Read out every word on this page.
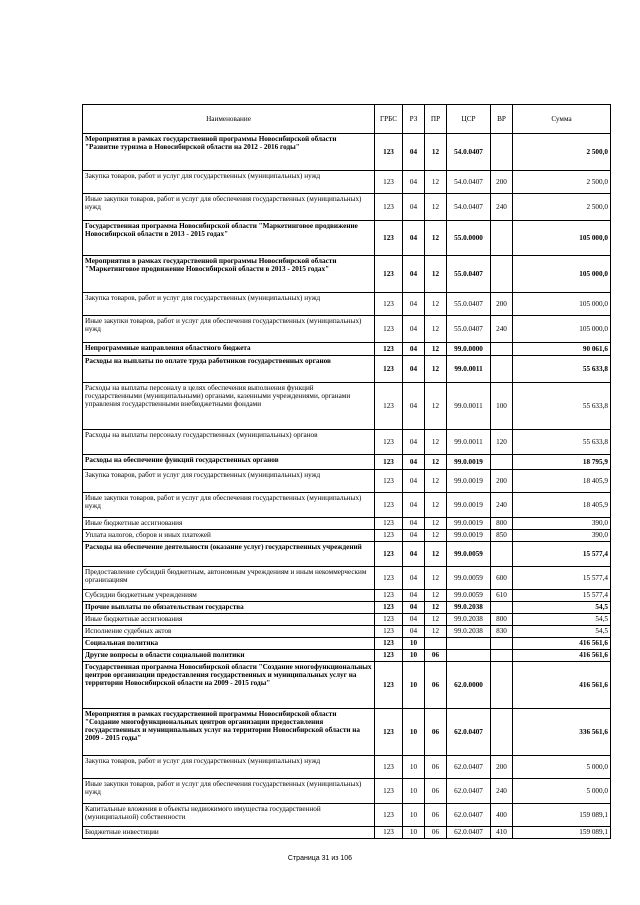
Наименование	ГРБС	РЗ	ПР	ЦСР	ВР	Сумма
Мероприятия в рамках государственной программы Новосибирской области "Развитие туризма в Новосибирской области на 2012 - 2016 годы"	123	04	12	54.0.0407		2 500,0
Закупка товаров, работ и услуг для государственных (муниципальных) нужд	123	04	12	54.0.0407	200	2 500,0
Иные закупки товаров, работ и услуг для обеспечения государственных (муниципальных) нужд	123	04	12	54.0.0407	240	2 500,0
Государственная программа Новосибирской области "Маркетинговое продвижение Новосибирской области в 2013 - 2015 годах"	123	04	12	55.0.0000		105 000,0
Мероприятия в рамках государственной программы Новосибирской области "Маркетинговое продвижение Новосибирской области в 2013 - 2015 годах"	123	04	12	55.0.0407		105 000,0
Закупка товаров, работ и услуг для государственных (муниципальных) нужд	123	04	12	55.0.0407	200	105 000,0
Иные закупки товаров, работ и услуг для обеспечения государственных (муниципальных) нужд	123	04	12	55.0.0407	240	105 000,0
Непрограммные направления областного бюджета	123	04	12	99.0.0000		90 061,6
Расходы на выплаты по оплате труда работников государственных органов	123	04	12	99.0.0011		55 633,8
Расходы на выплаты персоналу в целях обеспечения выполнения функций государственными (муниципальными) органами, казенными учреждениями, органами управления государственными внебюджетными фондами	123	04	12	99.0.0011	100	55 633,8
Расходы на выплаты персоналу государственных (муниципальных) органов	123	04	12	99.0.0011	120	55 633,8
Расходы на обеспечение функций государственных органов	123	04	12	99.0.0019		18 795,9
Закупка товаров, работ и услуг для государственных (муниципальных) нужд	123	04	12	99.0.0019	200	18 405,9
Иные закупки товаров, работ и услуг для обеспечения государственных (муниципальных) нужд	123	04	12	99.0.0019	240	18 405,9
Иные бюджетные ассигнования	123	04	12	99.0.0019	800	390,0
Уплата налогов, сборов и иных платежей	123	04	12	99.0.0019	850	390,0
Расходы на обеспечение деятельности (оказание услуг) государственных учреждений	123	04	12	99.0.0059		15 577,4
Предоставление субсидий бюджетным, автономным учреждениям и иным некоммерческим организациям	123	04	12	99.0.0059	600	15 577,4
Субсидии бюджетным учреждениям	123	04	12	99.0.0059	610	15 577,4
Прочие выплаты по обязательствам государства	123	04	12	99.0.2038		54,5
Иные бюджетные ассигнования	123	04	12	99.0.2038	800	54,5
Исполнение судебных актов	123	04	12	99.0.2038	830	54,5
Социальная политика	123	10				416 561,6
Другие вопросы в области социальной политики	123	10	06			416 561,6
Государственная программа Новосибирской области "Создание многофункциональных центров организации предоставления государственных и муниципальных услуг на территории Новосибирской области на 2009 - 2015 годы"	123	10	06	62.0.0000		416 561,6
Мероприятия в рамках государственной программы Новосибирской области "Создание многофункциональных центров организации предоставления государственных и муниципальных услуг на территории Новосибирской области на 2009 - 2015 годы"	123	10	06	62.0.0407		336 561,6
Закупка товаров, работ и услуг для государственных (муниципальных) нужд	123	10	06	62.0.0407	200	5 000,0
Иные закупки товаров, работ и услуг для обеспечения государственных (муниципальных) нужд	123	10	06	62.0.0407	240	5 000,0
Капитальные вложения в объекты недвижимого имущества государственной (муниципальной) собственности	123	10	06	62.0.0407	400	159 089,1
Бюджетные инвестиции	123	10	06	62.0.0407	410	159 089,1
Страница 31 из 106
